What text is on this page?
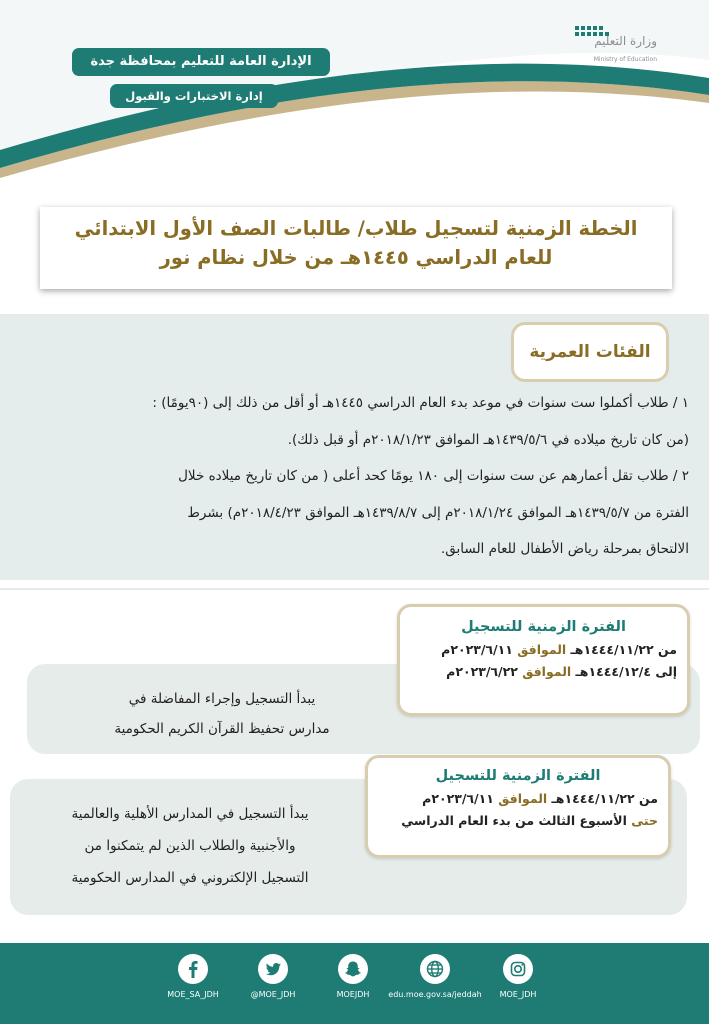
الإدارة العامة للتعليم بمحافظة جدة
إدارة الاختبارات والقبول
وزارة التعليم
Ministry of Education
الخطة الزمنية لتسجيل طلاب/ طالبات الصف الأول الابتدائي
للعام الدراسي ١٤٤٥هـ من خلال نظام نور
الفئات العمرية

١ / طلاب أكملوا ست سنوات في موعد بدء العام الدراسي ١٤٤٥هـ أو أقل من ذلك إلى (٩٠يومًا) :

(من كان تاريخ ميلاده في ١٤٣٩/٥/٦هـ الموافق ٢٠١٨/١/٢٣م أو قبل ذلك).

٢ / طلاب تقل أعمارهم عن ست سنوات إلى ١٨٠ يومًا كحد أعلى ( من كان تاريخ ميلاده خلال

الفترة من ١٤٣٩/٥/٧هـ الموافق ٢٠١٨/١/٢٤م إلى ١٤٣٩/٨/٧هـ الموافق ٢٠١٨/٤/٢٣م) بشرط

الالتحاق بمرحلة رياض الأطفال للعام السابق.

يبدأ التسجيل وإجراء المفاضلة في
مدارس تحفيظ القرآن الكريم الحكومية
الفترة الزمنية للتسجيل
من ١٤٤٤/١١/٢٢هـ الموافق ٢٠٢٣/٦/١١م
إلى ١٤٤٤/١٢/٤هـ الموافق ٢٠٢٣/٦/٢٢م
يبدأ التسجيل في المدارس الأهلية والعالمية
والأجنبية والطلاب الذين لم يتمكنوا من
التسجيل الإلكتروني في المدارس الحكومية
الفترة الزمنية للتسجيل
من ١٤٤٤/١١/٢٢هـ الموافق ٢٠٢٣/٦/١١م
حتى الأسبوع الثالث من بدء العام الدراسي
MOE_SA_JDH	@MOE_JDH	MOEJDH	edu.moe.gov.sa/jeddah	MOE_JDH
